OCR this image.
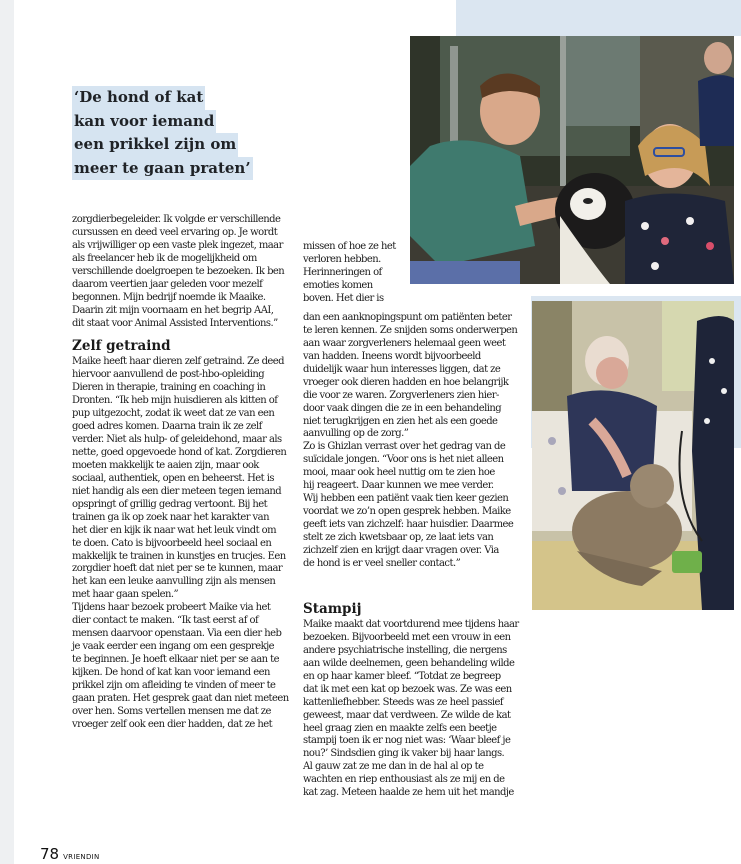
‘De hond of kat
kan voor iemand
een prikkel zijn om
meer te gaan praten’
zorgdierbegeleider. Ik volgde er verschillende
cursussen en deed veel ervaring op. Je wordt
als vrijwilliger op een vaste plek ingezet, maar
als freelancer heb ik de mogelijkheid om
verschillende doelgroepen te bezoeken. Ik ben
daarom veertien jaar geleden voor mezelf
begonnen. Mijn bedrijf noemde ik Maaike.
Daarin zit mijn voornaam en het begrip AAI,
dit staat voor Animal Assisted Interventions.”
Zelf getraind
Maike heeft haar dieren zelf getraind. Ze deed
hiervoor aanvullend de post-hbo-opleiding
Dieren in therapie, training en coaching in
Dronten. “Ik heb mijn huisdieren als kitten of
pup uitgezocht, zodat ik weet dat ze van een
goed adres komen. Daarna train ik ze zelf
verder. Niet als hulp- of geleidehond, maar als
nette, goed opgevoede hond of kat. Zorgdieren
moeten makkelijk te aaien zijn, maar ook
sociaal, authentiek, open en beheerst. Het is
niet handig als een dier meteen tegen iemand
opspringt of grillig gedrag vertoont. Bij het
trainen ga ik op zoek naar het karakter van
het dier en kijk ik naar wat het leuk vindt om
te doen. Cato is bijvoorbeeld heel sociaal en
makkelijk te trainen in kunstjes en trucjes. Een
zorgdier hoeft dat niet per se te kunnen, maar
het kan een leuke aanvulling zijn als mensen
met haar gaan spelen.”
Tijdens haar bezoek probeert Maike via het
dier contact te maken. “Ik tast eerst af of
mensen daarvoor openstaan. Via een dier heb
je vaak eerder een ingang om een gesprekje
te beginnen. Je hoeft elkaar niet per se aan te
kijken. De hond of kat kan voor iemand een
prikkel zijn om afleiding te vinden of meer te
gaan praten. Het gesprek gaat dan niet meteen
over hen. Soms vertellen mensen me dat ze
vroeger zelf ook een dier hadden, dat ze het
missen of hoe ze het
verloren hebben.
Herinneringen of
emoties komen
boven. Het dier is
dan een aanknopingspunt om patiënten beter
te leren kennen. Ze snijden soms onderwerpen
aan waar zorgverleners helemaal geen weet
van hadden. Ineens wordt bijvoorbeeld
duidelijk waar hun interesses liggen, dat ze
vroeger ook dieren hadden en hoe belangrijk
die voor ze waren. Zorgverleners zien hier-
door vaak dingen die ze in een behandeling
niet terugkrijgen en zien het als een goede
aanvulling op de zorg.”
Zo is Ghizlan verrast over het gedrag van de
suïcidale jongen. “Voor ons is het niet alleen
mooi, maar ook heel nuttig om te zien hoe
hij reageert. Daar kunnen we mee verder.
Wij hebben een patiënt vaak tien keer gezien
voordat we zo’n open gesprek hebben. Maike
geeft iets van zichzelf: haar huisdier. Daarmee
stelt ze zich kwetsbaar op, ze laat iets van
zichzelf zien en krijgt daar vragen over. Via
de hond is er veel sneller contact.”
Stampij
Maike maakt dat voortdurend mee tijdens haar
bezoeken. Bijvoorbeeld met een vrouw in een
andere psychiatrische instelling, die nergens
aan wilde deelnemen, geen behandeling wilde
en op haar kamer bleef. “Totdat ze begreep
dat ik met een kat op bezoek was. Ze was een
kattenliefhebber. Steeds was ze heel passief
geweest, maar dat verdween. Ze wilde de kat
heel graag zien en maakte zelfs een beetje
stampij toen ik er nog niet was: ‘Waar bleef je
nou?’ Sindsdien ging ik vaker bij haar langs.
Al gauw zat ze me dan in de hal al op te
wachten en riep enthousiast als ze mij en de
kat zag. Meteen haalde ze hem uit het mandje
78 VRIENDIN
